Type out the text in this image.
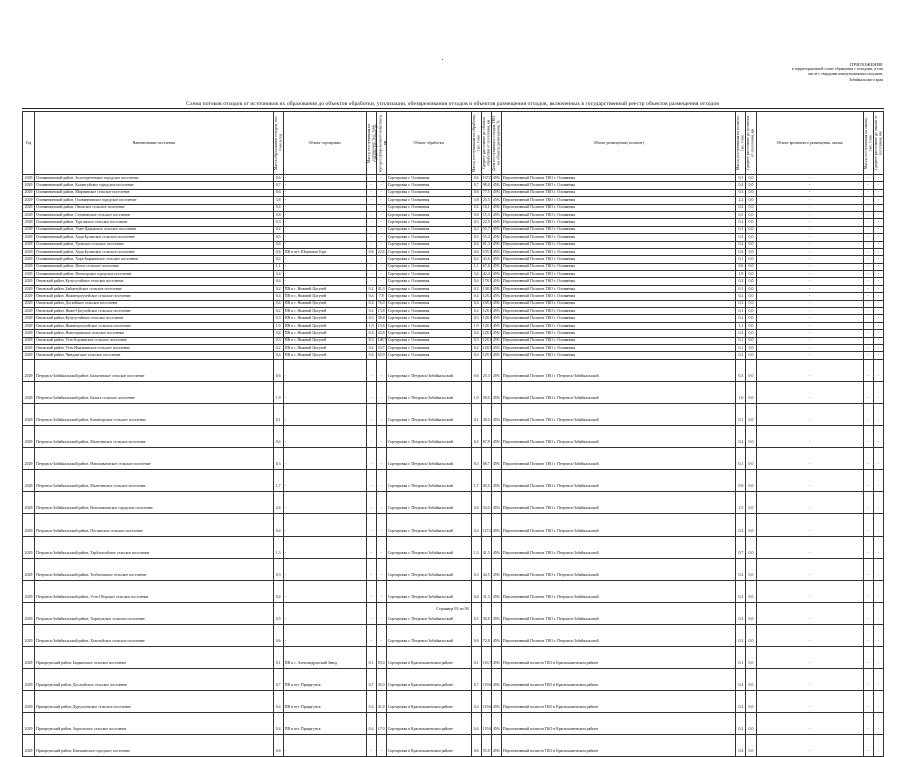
ПРИЛОЖЕНИЕ
к территориальной схеме обращения с отходами, в том
числе с твердыми коммунальными отходами,
Забайкальского края
Схема потоков отходов от источников их образования до объектов обработки, утилизации, обезвреживания отходов и объектов размещения отходов, включенных в государственный реестр объектов размещения отходов
Год	Наименование поселения	Масса образования отходов, тыс. тонн в год	Объект сортировки	Масса, поступившая на сортировку, тыс. тонн	Среднее расстояние до мусоросортировочного комплекса, км	Объект обработки	Масса, поступившая на обработку, тыс. тонн	Среднее расстояние до объекта обработки от поселения, км	Доля поступающих отходов ТКО на объекты размещения, %	Объект размещения (полигон)	Масса, поступившая на полигон, тыс. тонн	Среднее расстояние до полигона от поселения, км	Объект временного размещения, свалка	Масса, поступившая на свалку, тыс. тонн	Среднее расстояние до свалки от поселения, км

2029	Оловяннинский район, Золотореченское городское поселение	0,6	-	-	-	Сортировка г. Оловянная	0,6	107,0	45%	Перспективный Полигон ТКО г. Оловянная	0,3	0,0	-	-	-
2029	Оловяннинский район, Калангуйское городское поселение	0,7	-	-	-	Сортировка г. Оловянная	0,7	98,0	45%	Перспективный Полигон ТКО г. Оловянная	0,4	0,0	-	-	-
2029	Оловяннинский район, Мирнинское сельское поселение	0,6	-	-	-	Сортировка г. Оловянная	0,6	77,5	45%	Перспективный Полигон ТКО г. Оловянная	0,3	0,0	-	-	-
2029	Оловяннинский район, Оловяннинское городское поселение	3,8	-	-	-	Сортировка г. Оловянная	3,8	25,5	45%	Перспективный Полигон ТКО г. Оловянная	2,2	0,0	-	-	-
2029	Оловяннинский район, Ононское сельское поселение	0,4	-	-	-	Сортировка г. Оловянная	0,4	16,1	45%	Перспективный Полигон ТКО г. Оловянная	0,2	0,0	-	-	-
2029	Оловяннинский район, Степнинское сельское поселение	0,8	-	-	-	Сортировка г. Оловянная	0,8	15,3	45%	Перспективный Полигон ТКО г. Оловянная	0,5	0,0	-	-	-
2029	Оловяннинский район, Турганское сельское поселение	0,3	-	-	-	Сортировка г. Оловянная	0,3	22,9	45%	Перспективный Полигон ТКО г. Оловянная	0,2	0,0	-	-	-
2029	Оловяннинский район, Улан-Цацыкское сельское поселение	0,2	-	-	-	Сортировка г. Оловянная	0,2	55,7	45%	Перспективный Полигон ТКО г. Оловянная	0,1	0,0	-	-	-
2029	Оловяннинский район, Хада-Булакское сельское поселение	0,5	-	-	-	Сортировка г. Оловянная	0,5	55,4	45%	Перспективный Полигон ТКО г. Оловянная	0,3	0,0	-	-	-
2029	Оловяннинский район, Уровское сельское поселение	0,4	-	-	-	Сортировка г. Оловянная	0,4	61,3	45%	Перспективный Полигон ТКО г. Оловянная	0,2	0,0	-	-	-
2029	Оловяннинский район, Хада-Булакское сельское поселение	0,6	ПВ в пгт. Шерловая Гора	0,6	22,6	Сортировка г. Оловянная	0,6	105,3	45%	Перспективный Полигон ТКО г. Оловянная	0,3	0,0	-	-	-
2029	Оловяннинский район, Хара-Быркинское сельское поселение	0,2	-	-	-	Сортировка г. Оловянная	0,2	43,6	45%	Перспективный Полигон ТКО г. Оловянная	0,1	0,0	-	-	-
2029	Оловяннинский район, Ясное сельское поселение	1,1	-	-	-	Сортировка г. Оловянная	1,1	67,6	45%	Перспективный Полигон ТКО г. Оловянная	0,6	0,0	-	-	-
2029	Оловяннинский район, Ясногорское городское поселение	3,4	-	-	-	Сортировка г. Оловянная	3,4	42,4	45%	Перспективный Полигон ТКО г. Оловянная	1,9	0,0	-	-	-
2029	Ононский район, Кулусутайское сельское поселение	0,4	-	-	-	Сортировка г. Оловянная	0,4	178,1	45%	Перспективный Полигон ТКО г. Оловянная	0,2	0,0	-	-	-
2029	Ононский район, Байцетуйское сельское поселение	0,2	ПВ в с. Нижний Цасучей	0,2	31,3	Сортировка г. Оловянная	0,2	138,1	45%	Перспективный Полигон ТКО г. Оловянная	0,1	0,0	-	-	-
2029	Ононский район, Нижнецасучейское сельское поселение	0,4	ПВ в с. Нижний Цасучей	0,4	7,8	Сортировка г. Оловянная	0,4	128,1	45%	Перспективный Полигон ТКО г. Оловянная	0,2	0,0	-	-	-
2029	Ононский район, Догюйское сельское поселение	0,4	ПВ в с. Нижний Цасучей	0,4	76,0	Сортировка г. Оловянная	0,4	198,1	45%	Перспективный Полигон ТКО г. Оловянная	0,2	0,0	-	-	-
2029	Ононский район, Ниже-Цасучейское сельское поселение	0,2	ПВ в с. Нижний Цасучей	0,2	13,8	Сортировка г. Оловянная	0,2	128,1	45%	Перспективный Полигон ТКО г. Оловянная	0,1	0,0	-	-	-
2029	Ононский район, Кулусутайское сельское поселение	0,3	ПВ в с. Нижний Цасучей	0,3	36,8	Сортировка г. Оловянная	0,3	128,1	45%	Перспективный Полигон ТКО г. Оловянная	0,2	0,0	-	-	-
2029	Ононский район, Нижнецасучейское сельское поселение	1,9	ПВ в с. Нижний Цасучей	1,9	13,6	Сортировка г. Оловянная	1,9	128,1	45%	Перспективный Полигон ТКО г. Оловянная	1,1	0,0	-	-	-
2029	Ононский район, Новозоринское сельское поселение	0,4	ПВ в с. Нижний Цасучей	0,4	43,8	Сортировка г. Оловянная	0,4	128,1	45%	Перспективный Полигон ТКО г. Оловянная	0,2	0,0	-	-	-
2029	Ононский район, Усть-Борзинское сельское поселение	0,3	ПВ в с. Нижний Цасучей	0,3	108,7	Сортировка г. Оловянная	0,3	128,1	45%	Перспективный Полигон ТКО г. Оловянная	0,1	0,0	-	-	-
2029	Ононский район, Усть-Ималкинское сельское поселение	0,2	ПВ в с. Нижний Цасучей	0,2	54,7	Сортировка г. Оловянная	0,2	128,1	45%	Перспективный Полигон ТКО г. Оловянная	0,1	0,0	-	-	-
2029	Ононский район, Чиндантское сельское поселение	0,4	ПВ в с. Нижний Цасучей	0,4	65,9	Сортировка г. Оловянная	0,4	128,1	45%	Перспективный Полигон ТКО г. Оловянная	0,2	0,0	-	-	-
2029	Петровск-Забайкальский район, Балягинское сельское поселение	0,6	-	-	-	Сортировка г. Петровск-Забайкальский	0,6	25,3	45%	Перспективный Полигон ТКО г. Петровск-Забайкальский	0,3	0,0	-	-	-
2029	Петровск-Забайкальский район, Баляга сельское поселение	1,9	-	-	-	Сортировка г. Петровск-Забайкальский	1,9	58,0	45%	Перспективный Полигон ТКО г. Петровск-Забайкальский	1,0	0,0	-	-	-
2029	Петровск-Забайкальский район, Катангарское сельское поселение	0,1	-	-	-	Сортировка г. Петровск-Забайкальский	0,1	38,0	45%	Перспективный Полигон ТКО г. Петровск-Забайкальский	0,1	0,0	-	-	-
2029	Петровск-Забайкальский район, Малетинское сельское поселение	0,4	-	-	-	Сортировка г. Петровск-Забайкальский	0,4	67,9	45%	Перспективный Полигон ТКО г. Петровск-Забайкальский	0,2	0,0	-	-	-
2029	Петровск-Забайкальский район, Новопавловское сельское поселение	0,3	-	-	-	Сортировка г. Петровск-Забайкальский	0,3	68,7	45%	Перспективный Полигон ТКО г. Петровск-Забайкальский	0,1	0,0	-	-	-
2029	Петровск-Забайкальский район, Малетинское сельское поселение	1,7	-	-	-	Сортировка г. Петровск-Забайкальский	1,7	84,0	45%	Перспективный Полигон ТКО г. Петровск-Забайкальский	0,9	0,0	-	-	-
2029	Петровск-Забайкальский район, Новопавловское городское поселение	2,6	-	-	-	Сортировка г. Петровск-Забайкальский	2,6	54,0	45%	Перспективный Полигон ТКО г. Петровск-Забайкальский	1,5	0,0	-	-	-
2029	Петровск-Забайкальский район, Песчанское сельское поселение	0,4	-	-	-	Сортировка г. Петровск-Забайкальский	0,4	127,0	45%	Перспективный Полигон ТКО г. Петровск-Забайкальский	0,2	0,0	-	-	-
2029	Петровск-Забайкальский район, Тарбагатайское сельское поселение	1,3	-	-	-	Сортировка г. Петровск-Забайкальский	1,3	41,5	45%	Перспективный Полигон ТКО г. Петровск-Забайкальский	0,7	0,0	-	-	-
2029	Петровск-Забайкальский район, Толбагинское сельское поселение	0,3	-	-	-	Сортировка г. Петровск-Забайкальский	0,3	44,5	45%	Перспективный Полигон ТКО г. Петровск-Забайкальский	0,2	0,0	-	-	-
2029	Петровск-Забайкальский район, Усть-Оборское сельское поселение	0,4	-	-	-	Сортировка г. Петровск-Забайкальский	0,4	31,3	45%	Перспективный Полигон ТКО г. Петровск-Забайкальский	0,2	0,0	-	-	-
2029	Петровск-Забайкальский район, Харагунское сельское поселение	0,5	-	-	-	Сортировка г. Петровск-Забайкальский	0,5	30,8	45%	Перспективный Полигон ТКО г. Петровск-Забайкальский	0,3	0,0	-	-	-
2029	Петровск-Забайкальский район, Хохотуйское сельское поселение	0,6	-	-	-	Сортировка г. Петровск-Забайкальский	0,6	72,8	45%	Перспективный Полигон ТКО г. Петровск-Забайкальский	0,3	0,0	-	-	-
2029	Приаргунский район, Быркинское сельское поселение	0,1	ПВ в с. Александровский Завод	0,1	83,0	Сортировка в Краснокаменском районе	0,1	116,7	45%	Перспективный полигон ТКО в Краснокаменском районе	0,1	0,0	-	-	-
2029	Приаргунский район, Досатуйское сельское поселение	0,7	ПВ в пгт. Приаргунск	0,7	45,0	Сортировка в Краснокаменском районе	0,7	119,6	45%	Перспективный полигон ТКО в Краснокаменском районе	0,4	0,0	-	-	-
2029	Приаргунский район, Дурулгуевское сельское поселение	0,4	ПВ в пгт. Приаргунск	0,4	41,0	Сортировка в Краснокаменском районе	0,4	119,6	45%	Перспективный полигон ТКО в Краснокаменском районе	0,2	0,0	-	-	-
2029	Приаргунский район, Зоргольское сельское поселение	0,4	ПВ в пгт. Приаргунск	0,4	17,0	Сортировка в Краснокаменском районе	0,4	119,6	45%	Перспективный полигон ТКО в Краснокаменском районе	0,2	0,0	-	-	-
2029	Приаргунский район, Кличкинское городское поселение	0,6	-	-	-	Сортировка в Краснокаменском районе	0,6	55,0	45%	Перспективный полигон ТКО в Краснокаменском районе	0,4	0,0	-	-	-
Страница 93 из 94
